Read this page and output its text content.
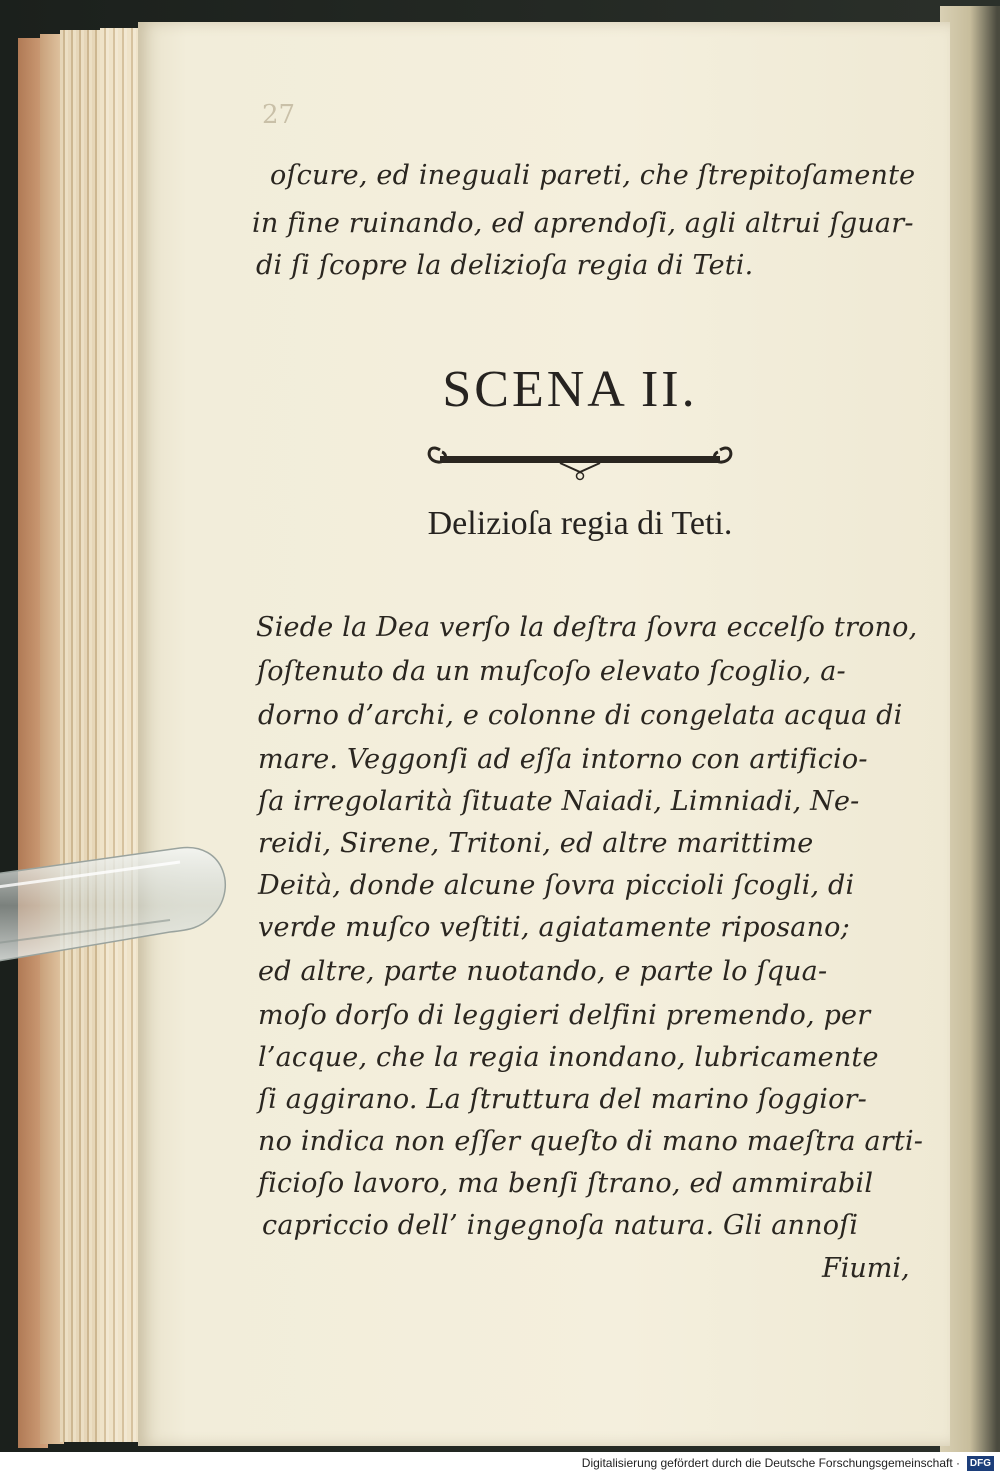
27
oſcure, ed ineguali pareti, che ſtrepitoſamente
in fine ruinando, ed aprendoſi, agli altrui ſguar-
di ſi ſcopre la delizioſa regia di Teti.
SCENA II.
Delizioſa regia di Teti.
Siede la Dea verſo la deſtra ſovra eccelſo trono,
ſoſtenuto da un muſcoſo elevato ſcoglio, a-
dorno d’archi, e colonne di congelata acqua di
mare. Veggonſi ad eſſa intorno con artificio-
ſa irregolarità ſituate Naiadi, Limniadi, Ne-
reidi, Sirene, Tritoni, ed altre marittime
Deità, donde alcune ſovra piccioli ſcogli, di
verde muſco veſtiti, agiatamente riposano;
ed altre, parte nuotando, e parte lo ſqua-
moſo dorſo di leggieri delfini premendo, per
l’acque, che la regia inondano, lubricamente
ſi aggirano. La ſtruttura del marino ſoggior-
no indica non eſſer queſto di mano maeſtra arti-
ficioſo lavoro, ma benſi ſtrano, ed ammirabil
capriccio dell’ ingegnoſa natura. Gli annoſi
Fiumi,
Digitalisierung gefördert durch die Deutsche Forschungsgemeinschaft · DFG
